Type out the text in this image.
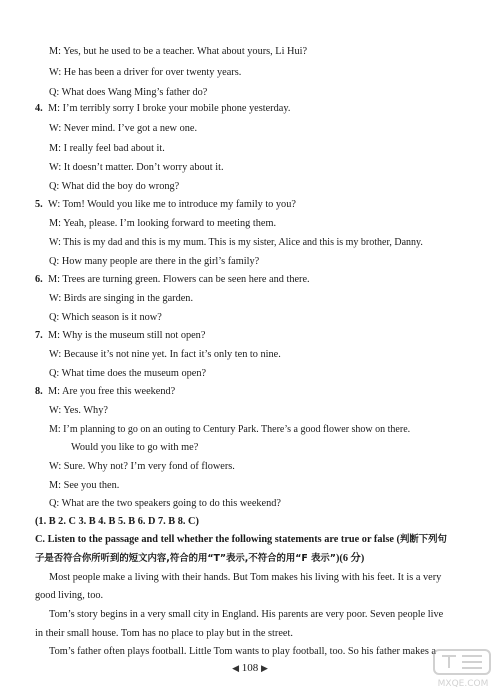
M: Yes, but he used to be a teacher. What about yours, Li Hui?
W: He has been a driver for over twenty years.
Q: What does Wang Ming’s father do?
4. M: I’m terribly sorry I broke your mobile phone yesterday.
W: Never mind. I’ve got a new one.
M: I really feel bad about it.
W: It doesn’t matter. Don’t worry about it.
Q: What did the boy do wrong?
5. W: Tom! Would you like me to introduce my family to you?
M: Yeah, please. I’m looking forward to meeting them.
W: This is my dad and this is my mum. This is my sister, Alice and this is my brother, Danny.
Q: How many people are there in the girl’s family?
6. M: Trees are turning green. Flowers can be seen here and there.
W: Birds are singing in the garden.
Q: Which season is it now?
7. M: Why is the museum still not open?
W: Because it’s not nine yet. In fact it’s only ten to nine.
Q: What time does the museum open?
8. M: Are you free this weekend?
W: Yes. Why?
M: I’m planning to go on an outing to Century Park. There’s a good flower show on there.
Would you like to go with me?
W: Sure. Why not? I’m very fond of flowers.
M: See you then.
Q: What are the two speakers going to do this weekend?
(1. B 2. C 3. B 4. B 5. B 6. D 7. B 8. C)
C. Listen to the passage and tell whether the following statements are true or false (判断下列句
子是否符合你所听到的短文内容,符合的用“T”表示,不符合的用“F 表示”)(6 分)
Most people make a living with their hands. But Tom makes his living with his feet. It is a very
good living, too.
Tom’s story begins in a very small city in England. His parents are very poor. Seven people live
in their small house. Tom has no place to play but in the street.
Tom’s father often plays football. Little Tom wants to play football, too. So his father makes a
◀ 108 ▶
MXQE.COM
